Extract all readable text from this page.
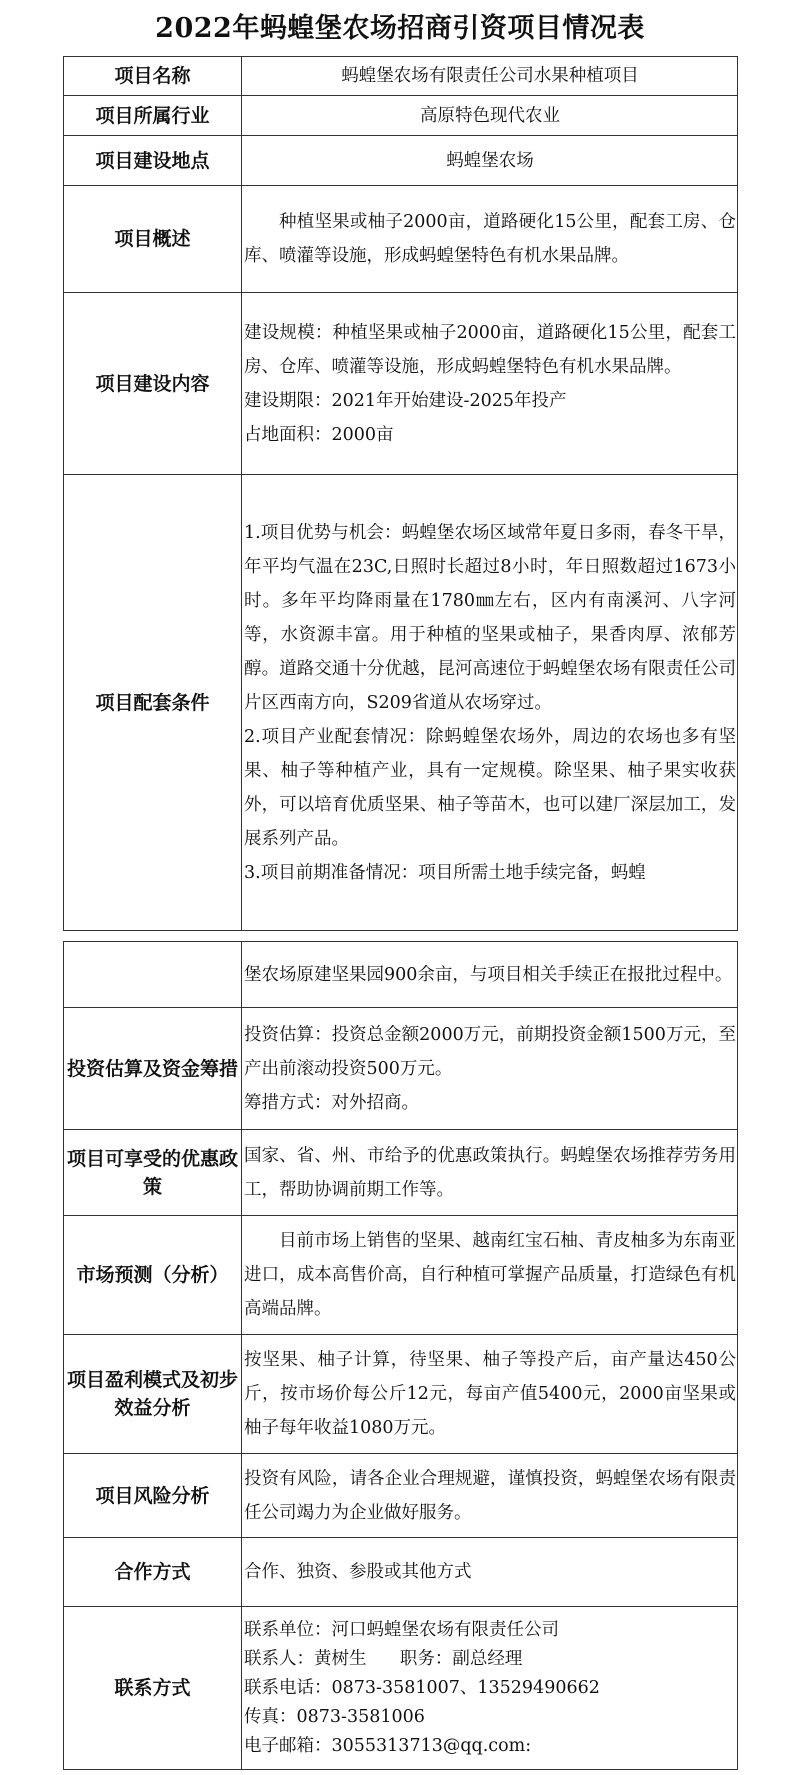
2022年蚂蝗堡农场招商引资项目情况表
项目名称	蚂蝗堡农场有限责任公司水果种植项目
项目所属行业	高原特色现代农业
项目建设地点	蚂蝗堡农场
项目概述	种植坚果或柚子2000亩，道路硬化15公里，配套工房、仓库、喷灌等设施，形成蚂蝗堡特色有机水果品牌。
项目建设内容	建设规模：种植坚果或柚子2000亩，道路硬化15公里，配套工房、仓库、喷灌等设施，形成蚂蝗堡特色有机水果品牌。
建设期限：2021年开始建设-2025年投产
占地面积：2000亩

项目配套条件	1.项目优势与机会：蚂蝗堡农场区域常年夏日多雨，春冬干旱，年平均气温在23C,日照时长超过8小时，年日照数超过1673小时。多年平均降雨量在1780㎜左右，区内有南溪河、八字河等，水资源丰富。用于种植的坚果或柚子，果香肉厚、浓郁芳醇。道路交通十分优越，昆河高速位于蚂蝗堡农场有限责任公司片区西南方向，S209省道从农场穿过。
2.项目产业配套情况：除蚂蝗堡农场外，周边的农场也多有坚果、柚子等种植产业，具有一定规模。除坚果、柚子果实收获外，可以培育优质坚果、柚子等苗木，也可以建厂深层加工，发展系列产品。
3.项目前期准备情况：项目所需土地手续完备，蚂蝗
	堡农场原建坚果园900余亩，与项目相关手续正在报批过程中。
投资估算及资金筹措	投资估算：投资总金额2000万元，前期投资金额1500万元，至产出前滚动投资500万元。
筹措方式：对外招商。

项目可享受的优惠政策	国家、省、州、市给予的优惠政策执行。蚂蝗堡农场推荐劳务用工，帮助协调前期工作等。
市场预测（分析）	目前市场上销售的坚果、越南红宝石柚、青皮柚多为东南亚进口，成本高售价高，自行种植可掌握产品质量，打造绿色有机高端品牌。
项目盈利模式及初步效益分析	按坚果、柚子计算，待坚果、柚子等投产后，亩产量达450公斤，按市场价每公斤12元，每亩产值5400元，2000亩坚果或柚子每年收益1080万元。
项目风险分析	投资有风险，请各企业合理规避，谨慎投资，蚂蝗堡农场有限责任公司竭力为企业做好服务。
合作方式	合作、独资、参股或其他方式
联系方式	联系单位：河口蚂蝗堡农场有限责任公司
联系人：黄树生      职务：副总经理
联系电话：0873-3581007、13529490662
传真：0873-3581006
电子邮箱：3055313713@qq.com:
